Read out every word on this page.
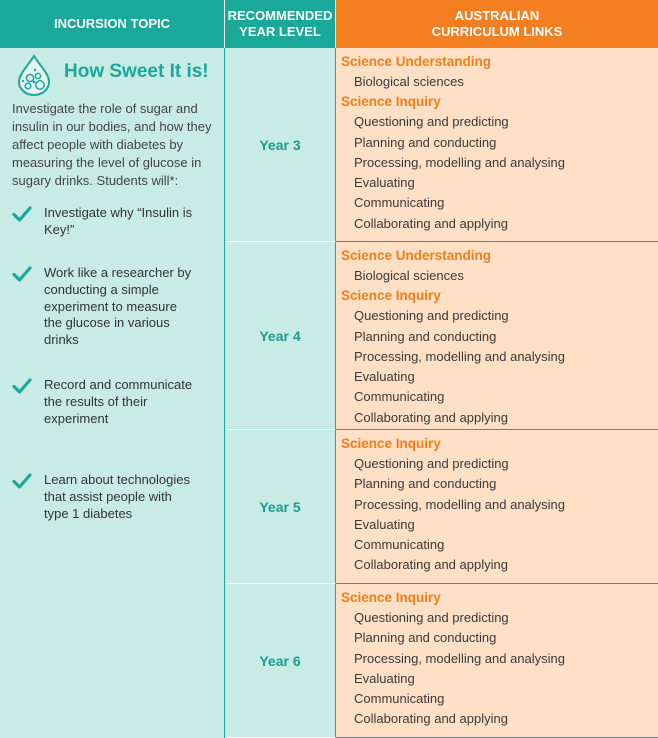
INCURSION TOPIC
RECOMMENDED
YEAR LEVEL
AUSTRALIAN
CURRICULUM LINKS
How Sweet It is!
Investigate the role of sugar and insulin in our bodies, and how they affect people with diabetes by measuring the level of glucose in sugary drinks. Students will*:
Investigate why “Insulin is Key!”
Work like a researcher by conducting a simple experiment to measure the glucose in various drinks
Record and communicate the results of their experiment
Learn about technologies that assist people with type 1 diabetes
Year 3
Science Understanding
Biological sciences
Science Inquiry
Questioning and predicting
Planning and conducting
Processing, modelling and analysing
Evaluating
Communicating
Collaborating and applying
Year 4
Science Understanding
Biological sciences
Science Inquiry
Questioning and predicting
Planning and conducting
Processing, modelling and analysing
Evaluating
Communicating
Collaborating and applying
Year 5
Science Inquiry
Questioning and predicting
Planning and conducting
Processing, modelling and analysing
Evaluating
Communicating
Collaborating and applying
Year 6
Science Inquiry
Questioning and predicting
Planning and conducting
Processing, modelling and analysing
Evaluating
Communicating
Collaborating and applying
